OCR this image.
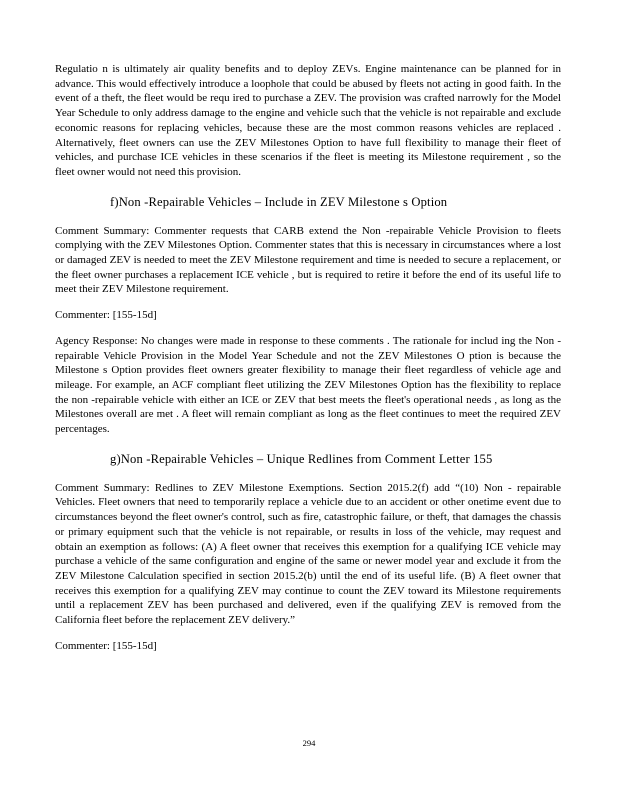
Regulatio n is ultimately air quality benefits and to deploy ZEVs. Engine maintenance can be planned for in advance. This would effectively introduce a loophole that could be abused by fleets not acting in good faith. In the event of a theft, the fleet would be requ ired to purchase a ZEV. The provision was crafted narrowly for the Model Year Schedule to only address damage to the engine and vehicle such that the vehicle is not repairable and exclude economic reasons for replacing vehicles, because these are the most common reasons vehicles are replaced . Alternatively, fleet owners can use the ZEV Milestones Option to have full flexibility to manage their fleet of vehicles, and purchase ICE vehicles in these scenarios if the fleet is meeting its Milestone requirement , so the fleet owner would not need this provision.

f)Non -Repairable Vehicles – Include in ZEV Milestone s Option

Comment Summary: Commenter requests that CARB extend the Non -repairable Vehicle Provision to fleets complying with the ZEV Milestones Option. Commenter states that this is necessary in circumstances where a lost or damaged ZEV is needed to meet the ZEV Milestone requirement and time is needed to secure a replacement, or the fleet owner purchases a replacement ICE vehicle , but is required to retire it before the end of its useful life to meet their ZEV Milestone requirement.

Commenter: [155-15d]

Agency Response: No changes were made in response to these comments . The rationale for includ ing the Non -repairable Vehicle Provision in the Model Year Schedule and not the ZEV Milestones O ption is because the Milestone s Option provides fleet owners greater flexibility to manage their fleet regardless of vehicle age and mileage. For example, an ACF compliant fleet utilizing the ZEV Milestones Option has the flexibility to replace the non -repairable vehicle with either an ICE or ZEV that best meets the fleet's operational needs , as long as the Milestones overall are met . A fleet will remain compliant as long as the fleet continues to meet the required ZEV percentages.

g)Non -Repairable Vehicles – Unique Redlines from Comment Letter 155

Comment Summary: Redlines to ZEV Milestone Exemptions. Section 2015.2(f) add “(10) Non - repairable Vehicles. Fleet owners that need to temporarily replace a vehicle due to an accident or other onetime event due to circumstances beyond the fleet owner's control, such as fire, catastrophic failure, or theft, that damages the chassis or primary equipment such that the vehicle is not repairable, or results in loss of the vehicle, may request and obtain an exemption as follows: (A) A fleet owner that receives this exemption for a qualifying ICE vehicle may purchase a vehicle of the same configuration and engine of the same or newer model year and exclude it from the ZEV Milestone Calculation specified in section 2015.2(b) until the end of its useful life. (B) A fleet owner that receives this exemption for a qualifying ZEV may continue to count the ZEV toward its Milestone requirements until a replacement ZEV has been purchased and delivered, even if the qualifying ZEV is removed from the California fleet before the replacement ZEV delivery.”

Commenter: [155-15d]

294
